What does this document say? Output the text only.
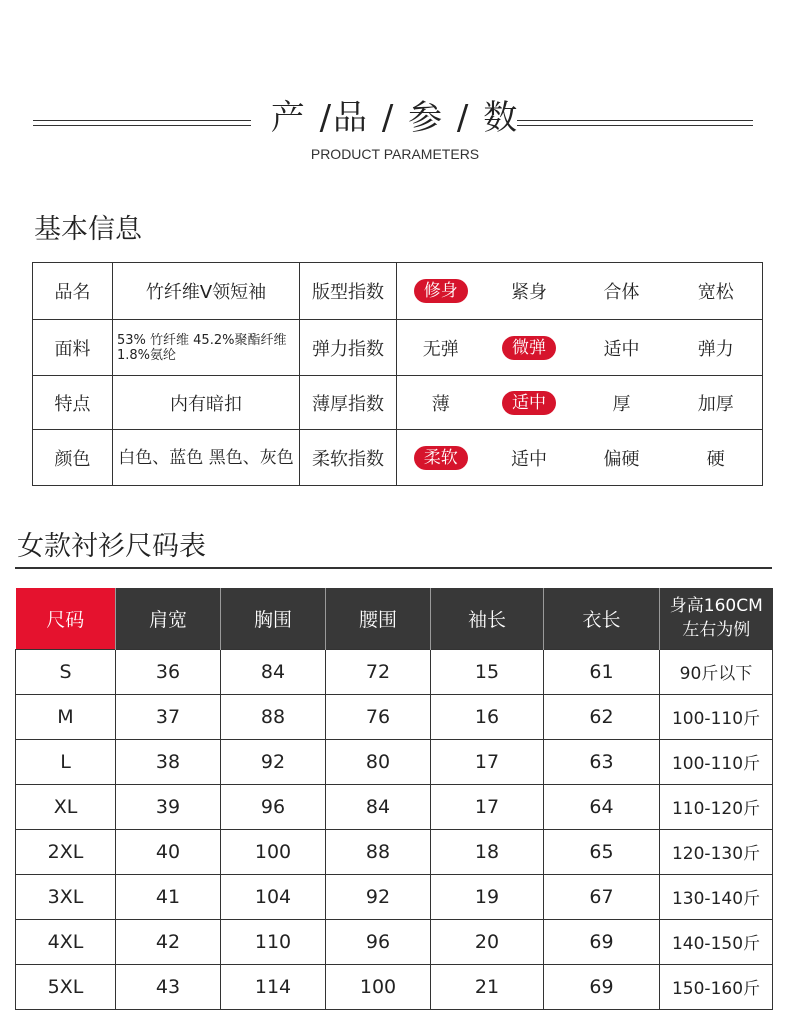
产 /品 / 参 / 数
PRODUCT PARAMETERS
基本信息
品名	竹纤维V领短袖	版型指数	修身	紧身	合体	宽松
面料	53% 竹纤维 45.2%聚酯纤维 1.8%氨纶	弹力指数	无弹	微弹	适中	弹力
特点	内有暗扣	薄厚指数	薄	适中	厚	加厚
颜色	白色、蓝色 黑色、灰色	柔软指数	柔软	适中	偏硬	硬
女款衬衫尺码表
尺码	肩宽	胸围	腰围	袖长	衣长	身高160CM 左右为例
S	36	84	72	15	61	90斤以下
M	37	88	76	16	62	100-110斤
L	38	92	80	17	63	100-110斤
XL	39	96	84	17	64	110-120斤
2XL	40	100	88	18	65	120-130斤
3XL	41	104	92	19	67	130-140斤
4XL	42	110	96	20	69	140-150斤
5XL	43	114	100	21	69	150-160斤
